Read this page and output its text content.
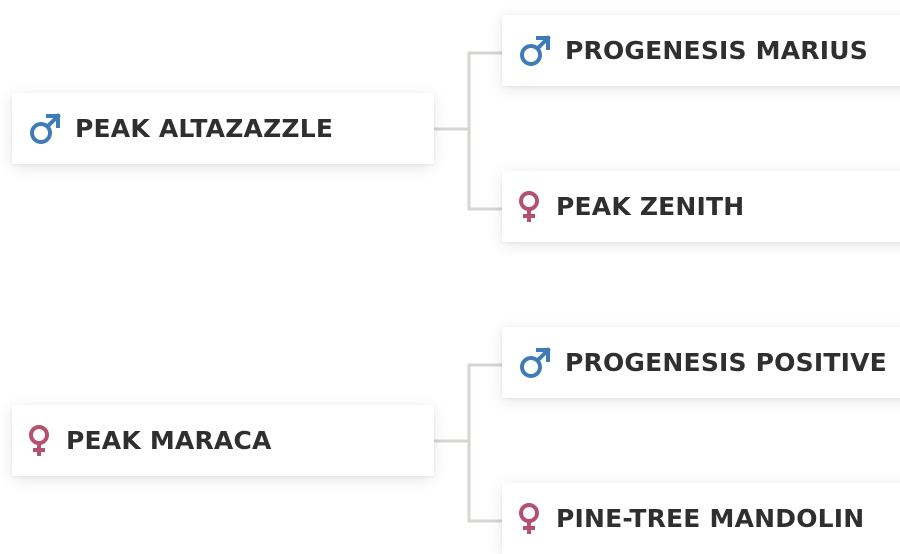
PEAK ALTAZAZZLE
PROGENESIS MARIUS
PEAK ZENITH
PEAK MARACA
PROGENESIS POSITIVE
PINE-TREE MANDOLIN
